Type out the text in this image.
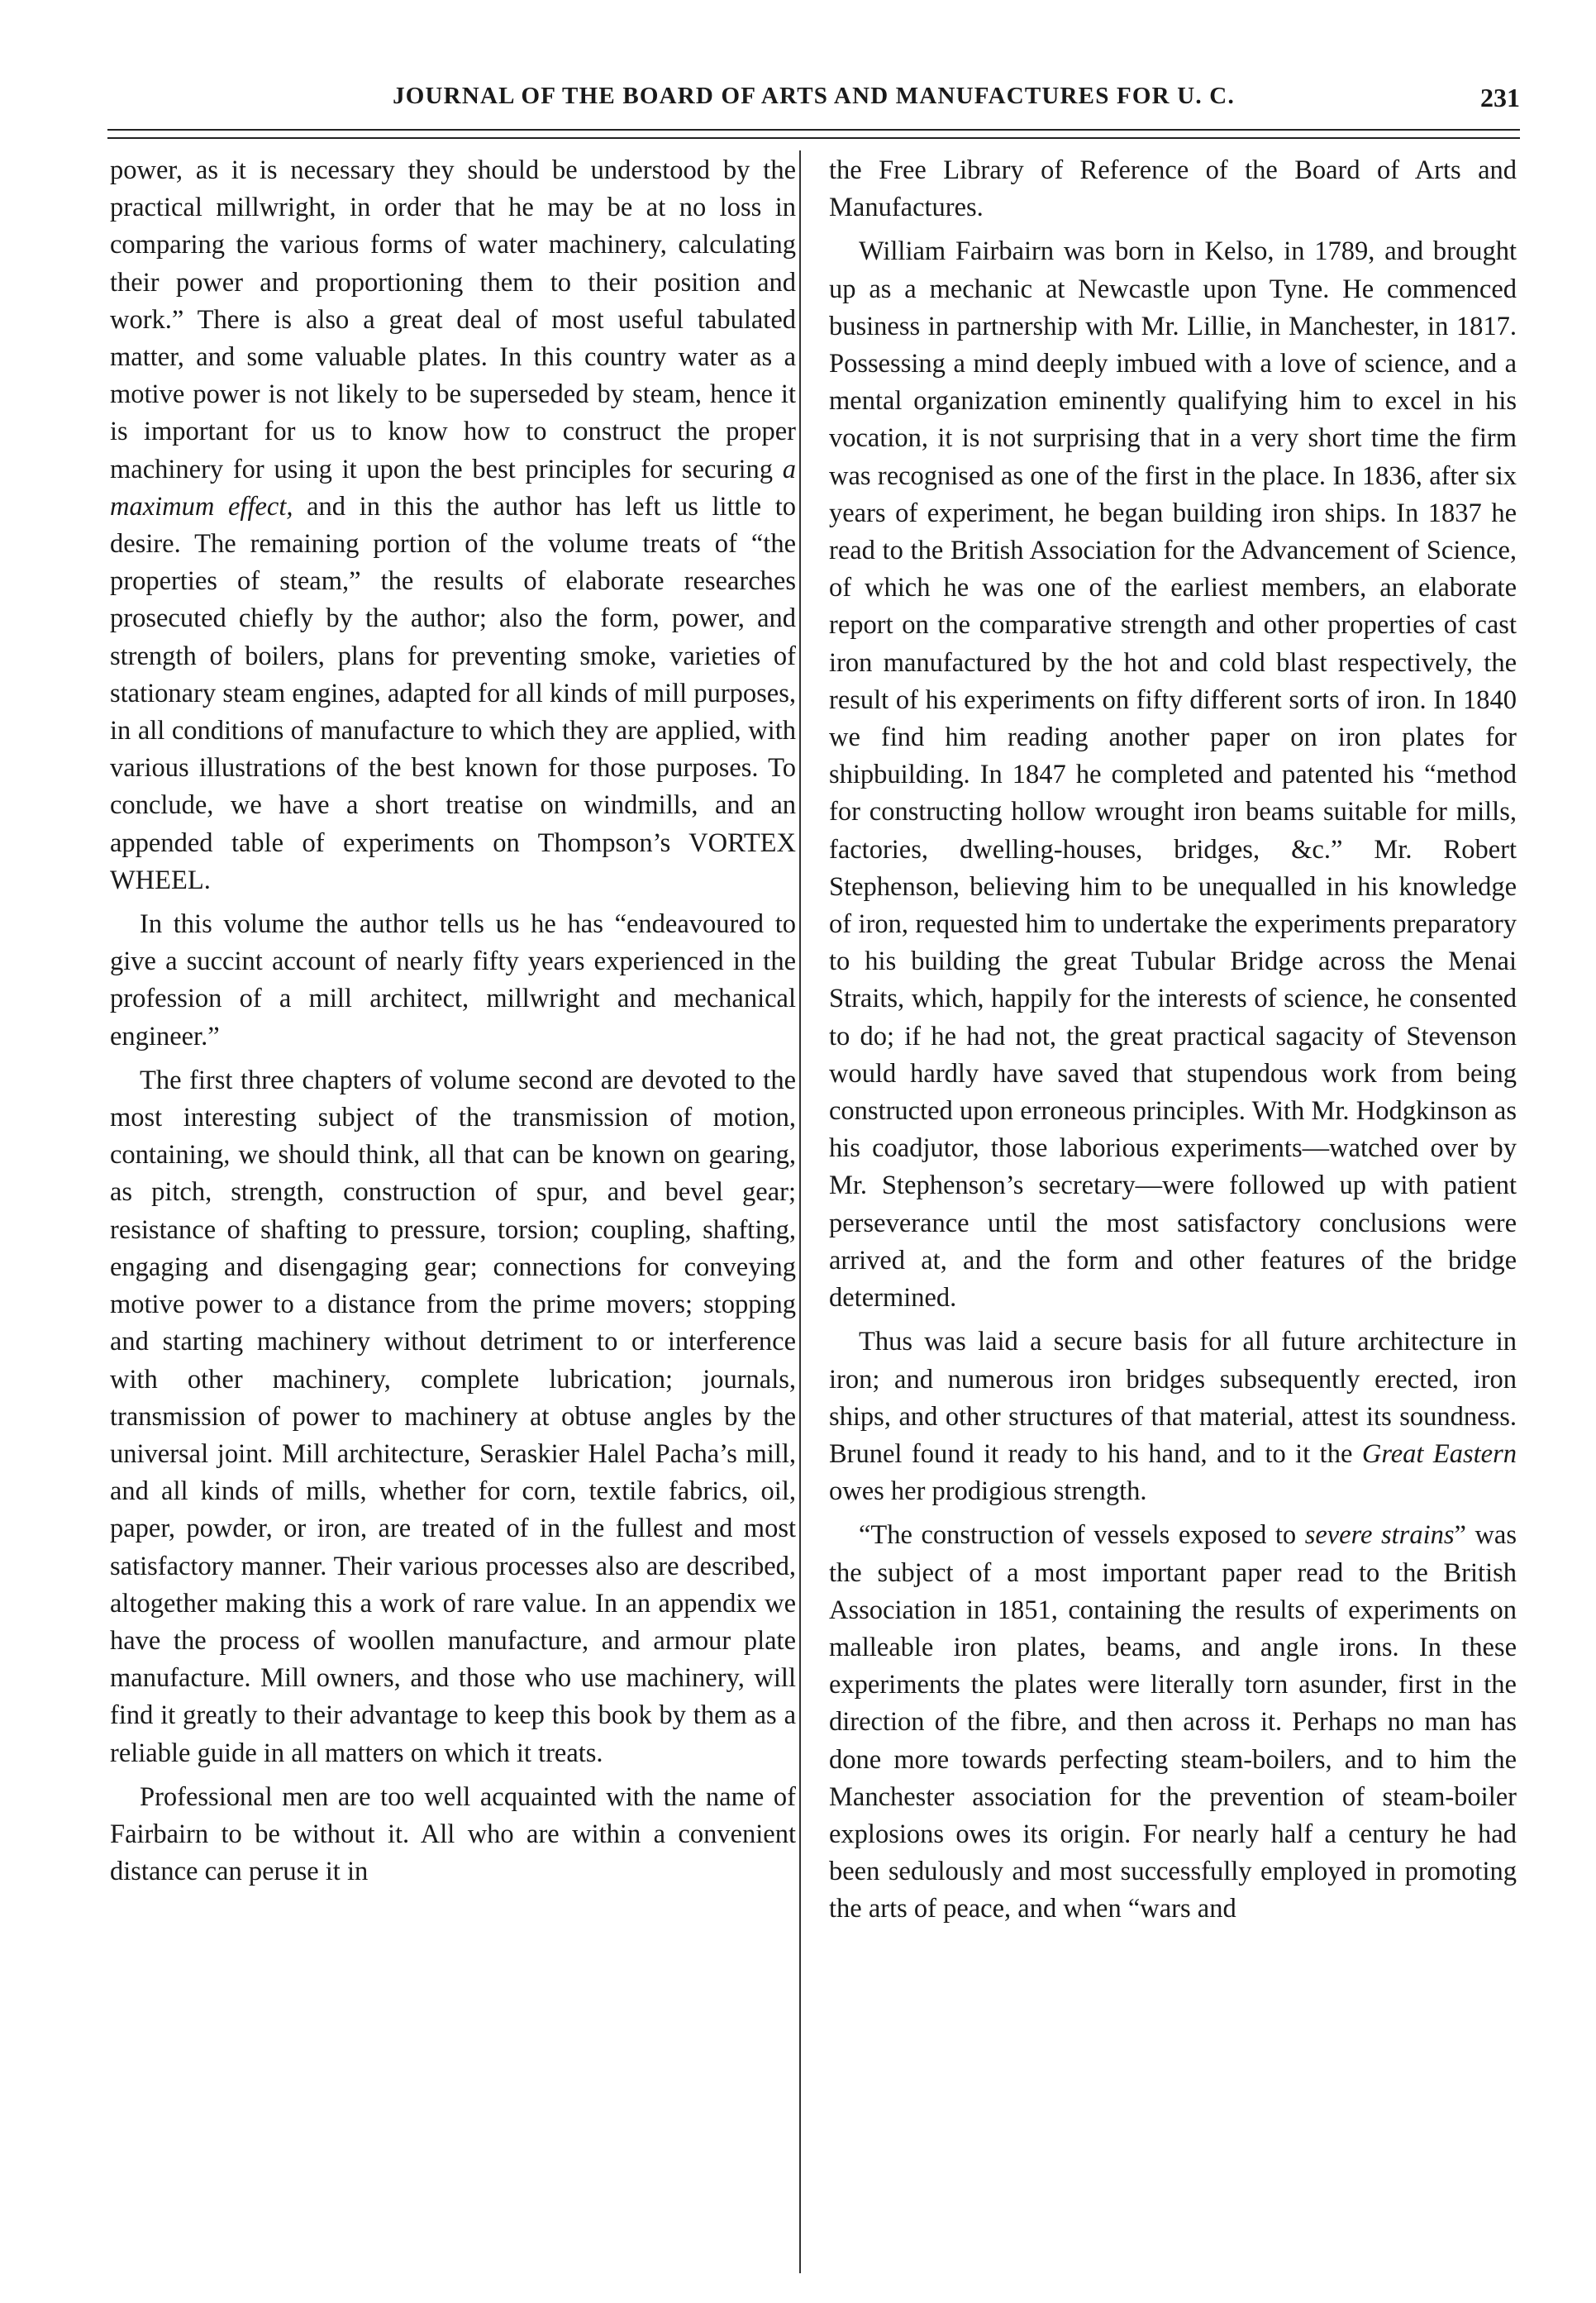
JOURNAL OF THE BOARD OF ARTS AND MANUFACTURES FOR U. C.	231

power, as it is necessary they should be understood by the practical millwright, in order that he may be at no loss in comparing the various forms of water machinery, calculating their power and proportioning them to their position and work.” There is also a great deal of most useful tabulated matter, and some valuable plates. In this country water as a motive power is not likely to be superseded by steam, hence it is important for us to know how to construct the proper machinery for using it upon the best principles for securing a maximum effect, and in this the author has left us little to desire. The remaining portion of the volume treats of “the properties of steam,” the results of elaborate researches prosecuted chiefly by the author; also the form, power, and strength of boilers, plans for preventing smoke, varieties of stationary steam engines, adapted for all kinds of mill purposes, in all conditions of manufacture to which they are applied, with various illustrations of the best known for those purposes. To conclude, we have a short treatise on windmills, and an appended table of experiments on Thompson’s VORTEX WHEEL.

In this volume the author tells us he has “endeavoured to give a succint account of nearly fifty years experienced in the profession of a mill architect, millwright and mechanical engineer.”

The first three chapters of volume second are devoted to the most interesting subject of the transmission of motion, containing, we should think, all that can be known on gearing, as pitch, strength, construction of spur, and bevel gear; resistance of shafting to pressure, torsion; coupling, shafting, engaging and disengaging gear; connections for conveying motive power to a distance from the prime movers; stopping and starting machinery without detriment to or interference with other machinery, complete lubrication; journals, transmission of power to machinery at obtuse angles by the universal joint. Mill architecture, Seraskier Halel Pacha’s mill, and all kinds of mills, whether for corn, textile fabrics, oil, paper, powder, or iron, are treated of in the fullest and most satisfactory manner. Their various processes also are described, altogether making this a work of rare value. In an appendix we have the process of woollen manufacture, and armour plate manufacture. Mill owners, and those who use machinery, will find it greatly to their advantage to keep this book by them as a reliable guide in all matters on which it treats.

Professional men are too well acquainted with the name of Fairbairn to be without it. All who are within a convenient distance can peruse it in

the Free Library of Reference of the Board of Arts and Manufactures.

William Fairbairn was born in Kelso, in 1789, and brought up as a mechanic at Newcastle upon Tyne. He commenced business in partnership with Mr. Lillie, in Manchester, in 1817. Possessing a mind deeply imbued with a love of science, and a mental organization eminently qualifying him to excel in his vocation, it is not surprising that in a very short time the firm was recognised as one of the first in the place. In 1836, after six years of experiment, he began building iron ships. In 1837 he read to the British Association for the Advancement of Science, of which he was one of the earliest members, an elaborate report on the comparative strength and other properties of cast iron manufactured by the hot and cold blast respectively, the result of his experiments on fifty different sorts of iron. In 1840 we find him reading another paper on iron plates for shipbuilding. In 1847 he completed and patented his “method for constructing hollow wrought iron beams suitable for mills, factories, dwelling-houses, bridges, &c.” Mr. Robert Stephenson, believing him to be unequalled in his knowledge of iron, requested him to undertake the experiments preparatory to his building the great Tubular Bridge across the Menai Straits, which, happily for the interests of science, he consented to do; if he had not, the great practical sagacity of Stevenson would hardly have saved that stupendous work from being constructed upon erroneous principles. With Mr. Hodgkinson as his coadjutor, those laborious experiments—watched over by Mr. Stephenson’s secretary—were followed up with patient perseverance until the most satisfactory conclusions were arrived at, and the form and other features of the bridge determined.

Thus was laid a secure basis for all future architecture in iron; and numerous iron bridges subsequently erected, iron ships, and other structures of that material, attest its soundness. Brunel found it ready to his hand, and to it the Great Eastern owes her prodigious strength.

“The construction of vessels exposed to severe strains” was the subject of a most important paper read to the British Association in 1851, containing the results of experiments on malleable iron plates, beams, and angle irons. In these experiments the plates were literally torn asunder, first in the direction of the fibre, and then across it. Perhaps no man has done more towards perfecting steam-boilers, and to him the Manchester association for the prevention of steam-boiler explosions owes its origin. For nearly half a century he had been sedulously and most successfully employed in promoting the arts of peace, and when “wars and
